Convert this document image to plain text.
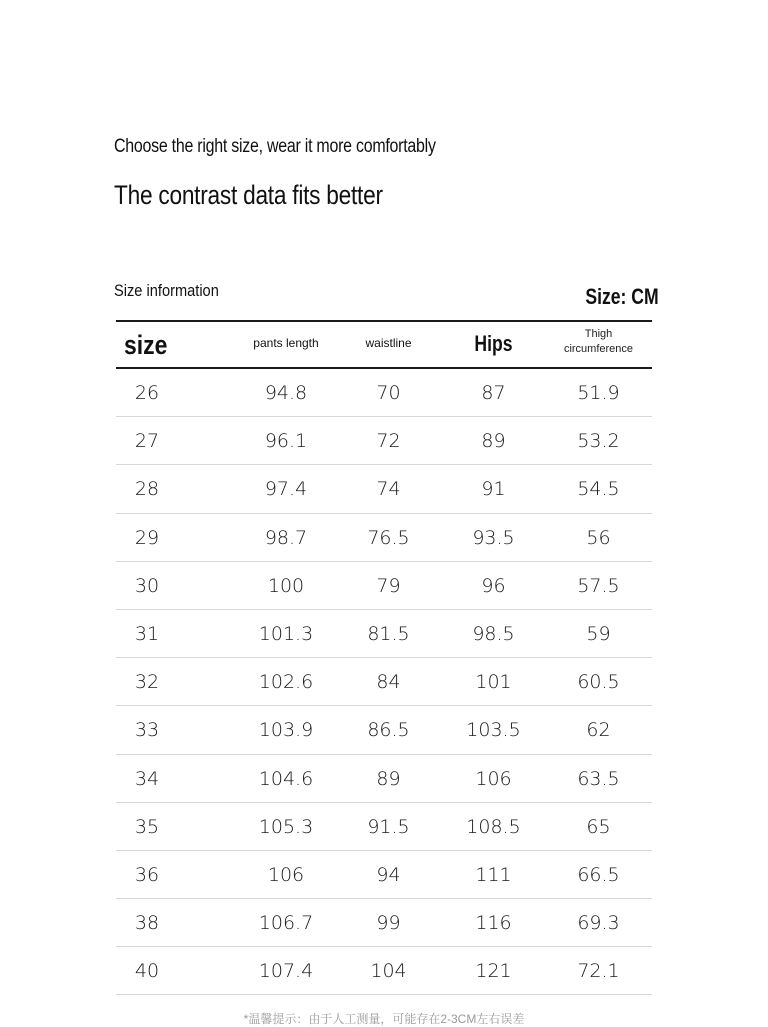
Choose the right size, wear it more comfortably
The contrast data fits better
Size information	Size: CM
size	pants length	waistline	Hips	Thigh
circumference
26	94.8	70	87	51.9
27	96.1	72	89	53.2
28	97.4	74	91	54.5
29	98.7	76.5	93.5	56
30	100	79	96	57.5
31	101.3	81.5	98.5	59
32	102.6	84	101	60.5
33	103.9	86.5	103.5	62
34	104.6	89	106	63.5
35	105.3	91.5	108.5	65
36	106	94	111	66.5
38	106.7	99	116	69.3
40	107.4	104	121	72.1
*温馨提示：由于人工测量，可能存在2-3CM左右误差
